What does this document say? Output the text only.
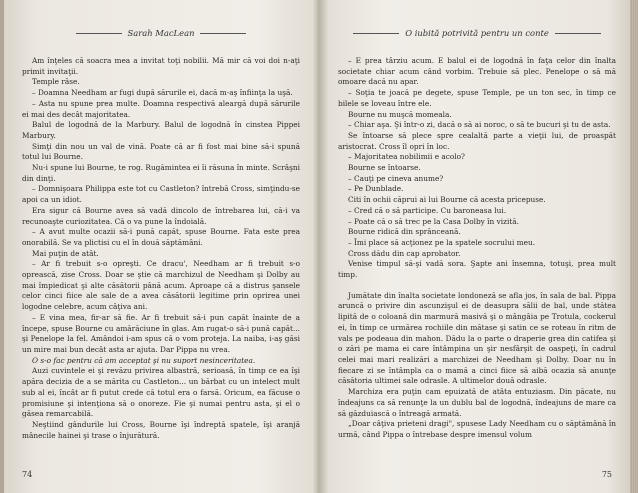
Sarah MacLean

Am înţeles că soacra mea a invitat toţi nobilii. Mă mir că voi doi n-aţi primit invitaţii.

Temple râse.

– Doamna Needham ar fugi după sărurile ei, dacă m-aş înfiinţa la uşă.

– Asta nu spune prea multe. Doamna respectivă aleargă după sărurile ei mai des decât majoritatea.

Balul de logodnă de la Marbury. Balul de logodnă în cinstea Pippei Marbury.

Simţi din nou un val de vină. Poate că ar fi fost mai bine să-i spună totul lui Bourne.

Nu-i spune lui Bourne, te rog. Rugămintea ei îi răsuna în minte. Scrâşni din dinţi.

– Domnişoara Philippa este tot cu Castleton? întrebă Cross, simţindu-se apoi ca un idiot.

Era sigur că Bourne avea să vadă dincolo de întrebarea lui, că-i va recunoaşte curiozitatea. Că o va pune la îndoială.

– A avut multe ocazii să-i pună capăt, spuse Bourne. Fata este prea onorabilă. Se va plictisi cu el în două săptămâni.

Mai puţin de atât.

– Ar fi trebuit s-o opreşti. Ce dracu', Needham ar fi trebuit s-o oprească, zise Cross. Doar se ştie că marchizul de Needham şi Dolby au mai împiedicat şi alte căsătorii până acum. Aproape că a distrus şansele celor cinci fiice ale sale de a avea căsătorii legitime prin oprirea unei logodne celebre, acum câţiva ani.

– E vina mea, fir-ar să fie. Ar fi trebuit să-i pun capăt înainte de a începe, spuse Bourne cu amărăciune în glas. Am rugat-o să-i pună capăt... şi Penelope la fel. Amândoi i-am spus că o vom proteja. La naiba, i-aş găsi un mire mai bun decât asta ar ajuta. Dar Pippa nu vrea.

O s-o fac pentru că am acceptat şi nu suport nesinceritatea.

Auzi cuvintele ei şi revăzu privirea albastră, serioasă, în timp ce ea îşi apăra decizia de a se mărita cu Castleton... un bărbat cu un intelect mult sub al ei, încât ar fi putut crede că totul era o farsă. Oricum, ea făcuse o promisiune şi intenţiona să o onoreze. Fie şi numai pentru asta, şi el o găsea remarcabilă.

Neştiind gândurile lui Cross, Bourne îşi îndreptă spatele, îşi aranjă mânecile hainei şi trase o înjurătură.

74
O iubită potrivită pentru un conte

– E prea târziu acum. E balul ei de logodnă în faţa celor din înalta societate chiar acum când vorbim. Trebuie să plec. Penelope o să mă omoare dacă nu apar.

– Soţia te joacă pe degete, spuse Temple, pe un ton sec, în timp ce bilele se loveau între ele.

Bourne nu muşcă momeala.

– Chiar aşa. Şi într-o zi, dacă o să ai noroc, o să te bucuri şi tu de asta.

Se întoarse să plece spre cealaltă parte a vieţii lui, de proaspăt aristocrat. Cross îl opri în loc.

– Majoritatea nobilimii e acolo?

Bourne se întoarse.

– Cauţi pe cineva anume?

– Pe Dunblade.

Citi în ochii căprui ai lui Bourne că acesta pricepuse.

– Cred că o să participe. Cu baroneasa lui.

– Poate că o să trec pe la Casa Dolby în vizită.

Bourne ridică din sprânceană.

– Îmi place să acţionez pe la spatele socrului meu.

Cross dădu din cap aprobator.

Venise timpul să-şi vadă sora. Şapte ani însemna, totuşi, prea mult timp.

Jumătate din înalta societate londoneză se afla jos, în sala de bal. Pippa aruncă o privire din ascunzişul ei de deasupra sălii de bal, unde stătea lipită de o coloană din marmură masivă şi o mângâia pe Trotula, cockerul ei, în timp ce urmărea rochiile din mătase şi satin ce se roteau în ritm de vals pe podeaua din mahon. Dădu la o parte o draperie grea din catifea şi o zări pe mama ei care întâmpina un şir nesfârşit de oaspeţi, în cadrul celei mai mari realizări a marchizei de Needham şi Dolby. Doar nu în fiecare zi se întâmpla ca o mamă a cinci fiice să aibă ocazia să anunţe căsătoria ultimei sale odrasle. A ultimelor două odrasle.

Marchiza era puţin cam epuizată de atâta entuziasm. Din păcate, nu îndeajuns ca să renunţe la un dublu bal de logodnă, îndeajuns de mare ca să găzduiască o întreagă armată.

„Doar câţiva prieteni dragi", spusese Lady Needham cu o săptămână în urmă, când Pippa o întrebase despre imensul volum

75
